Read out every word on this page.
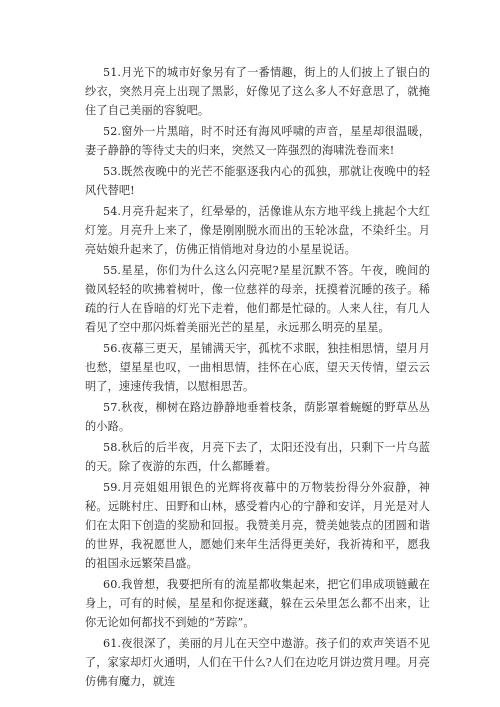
51.月光下的城市好象另有了一番情趣，街上的人们披上了银白的纱衣，突然月亮上出现了黑影，好像见了这么多人不好意思了，就掩住了自己美丽的容貌吧。

52.窗外一片黑暗，时不时还有海风呼啸的声音，星星却很温暖，妻子静静的等待丈夫的归来，突然又一阵强烈的海啸洗卷而来!

53.既然夜晚中的光芒不能驱逐我内心的孤独，那就让夜晚中的轻风代替吧!

54.月亮升起来了，红晕晕的，活像谁从东方地平线上挑起个大红灯笼。月亮升上来了，像是刚刚脱水而出的玉轮冰盘，不染纤尘。月亮姑娘升起来了，仿佛正悄悄地对身边的小星星说话。

55.星星，你们为什么这么闪亮呢?星星沉默不答。午夜，晚间的微风轻轻的吹拂着树叶，像一位慈祥的母亲，抚摸着沉睡的孩子。稀疏的行人在昏暗的灯光下走着，他们都是忙碌的。人来人往，有几人看见了空中那闪烁着美丽光芒的星星，永远那么明亮的星星。

56.夜幕三更天，星铺满天宇，孤枕不求眠，独挂相思情，望月月也愁，望星星也叹，一曲相思情，挂怀在心底，望天天传情，望云云明了，速速传我情，以慰相思苦。

57.秋夜，柳树在路边静静地垂着枝条，荫影罩着蜿蜒的野草丛丛的小路。

58.秋后的后半夜，月亮下去了，太阳还没有出，只剩下一片乌蓝的天。除了夜游的东西，什么都睡着。

59.月亮姐姐用银色的光辉将夜幕中的万物装扮得分外寂静，神秘。远眺村庄、田野和山林，感受着内心的宁静和安详，月光是对人们在太阳下创造的奖励和回报。我赞美月亮，赞美她装点的团圆和谐的世界，我祝愿世人，愿她们来年生活得更美好，我祈祷和平，愿我的祖国永远繁荣昌盛。

60.我曾想，我要把所有的流星都收集起来，把它们串成项链戴在身上，可有的时候，星星和你捉迷藏，躲在云朵里怎么都不出来，让你无论如何都找不到她的“芳踪”。

61.夜很深了，美丽的月儿在天空中遨游。孩子们的欢声笑语不见了，家家却灯火通明，人们在干什么?人们在边吃月饼边赏月哩。月亮仿佛有魔力，就连
